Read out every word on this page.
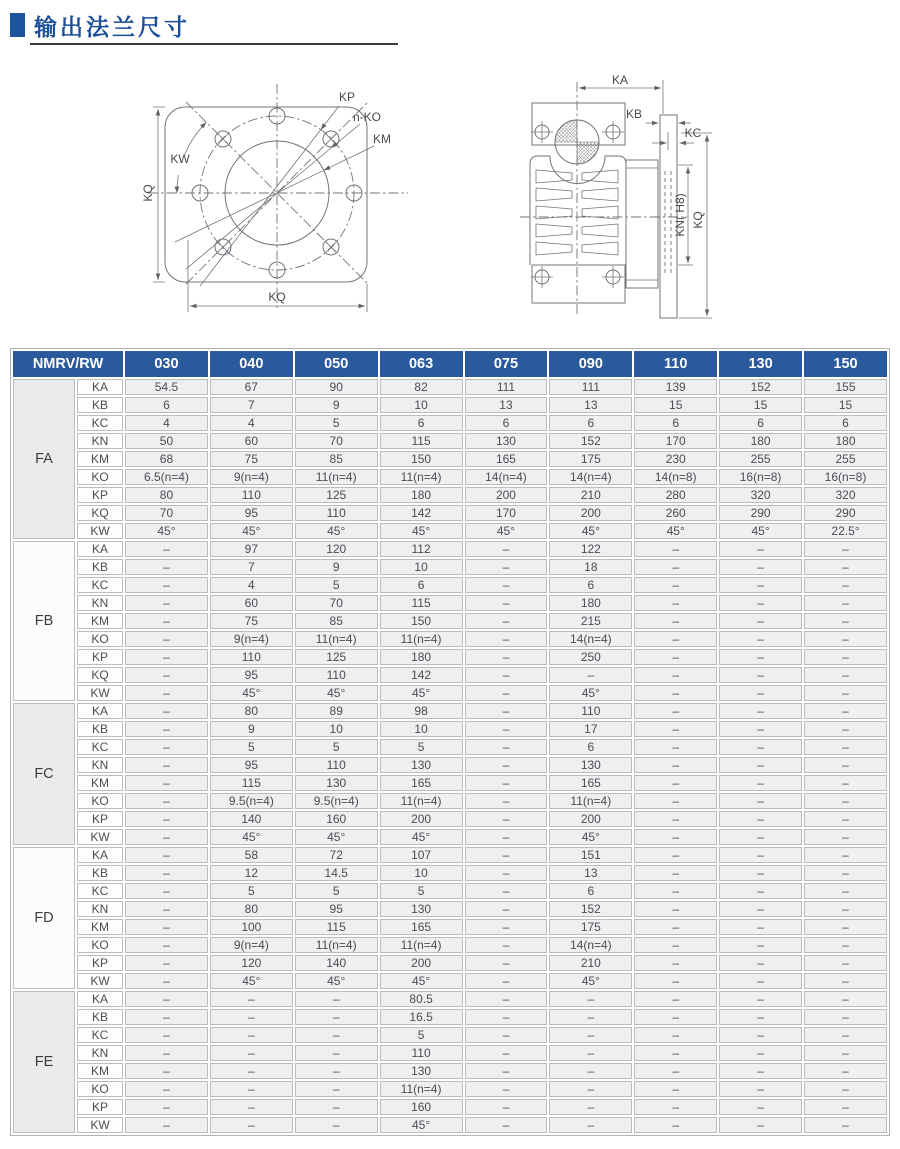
输出法兰尺寸
KP
n-KO
KM
KW
KQ
KQ
KA
KB
KC
KN( H8) KQ
NMRV/RW		030	040	050	063	075	090	110	130	150
FA	KA	54.5	67	90	82	111	111	139	152	155
	KB	6	7	9	10	13	13	15	15	15
	KC	4	4	5	6	6	6	6	6	6
	KN	50	60	70	115	130	152	170	180	180
	KM	68	75	85	150	165	175	230	255	255
	KO	6.5(n=4)	9(n=4)	11(n=4)	11(n=4)	14(n=4)	14(n=4)	14(n=8)	16(n=8)	16(n=8)
	KP	80	110	125	180	200	210	280	320	320
	KQ	70	95	110	142	170	200	260	290	290
	KW	45°	45°	45°	45°	45°	45°	45°	45°	22.5°
FB	KA	–	97	120	112	–	122	–	–	–
	KB	–	7	9	10	–	18	–	–	–
	KC	–	4	5	6	–	6	–	–	–
	KN	–	60	70	115	–	180	–	–	–
	KM	–	75	85	150	–	215	–	–	–
	KO	–	9(n=4)	11(n=4)	11(n=4)	–	14(n=4)	–	–	–
	KP	–	110	125	180	–	250	–	–	–
	KQ	–	95	110	142	–	–	–	–	–
	KW	–	45°	45°	45°	–	45°	–	–	–
FC	KA	–	80	89	98	–	110	–	–	–
	KB	–	9	10	10	–	17	–	–	–
	KC	–	5	5	5	–	6	–	–	–
	KN	–	95	110	130	–	130	–	–	–
	KM	–	115	130	165	–	165	–	–	–
	KO	–	9.5(n=4)	9.5(n=4)	11(n=4)	–	11(n=4)	–	–	–
	KP	–	140	160	200	–	200	–	–	–
	KW	–	45°	45°	45°	–	45°	–	–	–
FD	KA	–	58	72	107	–	151	–	–	–
	KB	–	12	14.5	10	–	13	–	–	–
	KC	–	5	5	5	–	6	–	–	–
	KN	–	80	95	130	–	152	–	–	–
	KM	–	100	115	165	–	175	–	–	–
	KO	–	9(n=4)	11(n=4)	11(n=4)	–	14(n=4)	–	–	–
	KP	–	120	140	200	–	210	–	–	–
	KW	–	45°	45°	45°	–	45°	–	–	–
FE	KA	–	–	–	80.5	–	–	–	–	–
	KB	–	–	–	16.5	–	–	–	–	–
	KC	–	–	–	5	–	–	–	–	–
	KN	–	–	–	110	–	–	–	–	–
	KM	–	–	–	130	–	–	–	–	–
	KO	–	–	–	11(n=4)	–	–	–	–	–
	KP	–	–	–	160	–	–	–	–	–
	KW	–	–	–	45°	–	–	–	–	–
